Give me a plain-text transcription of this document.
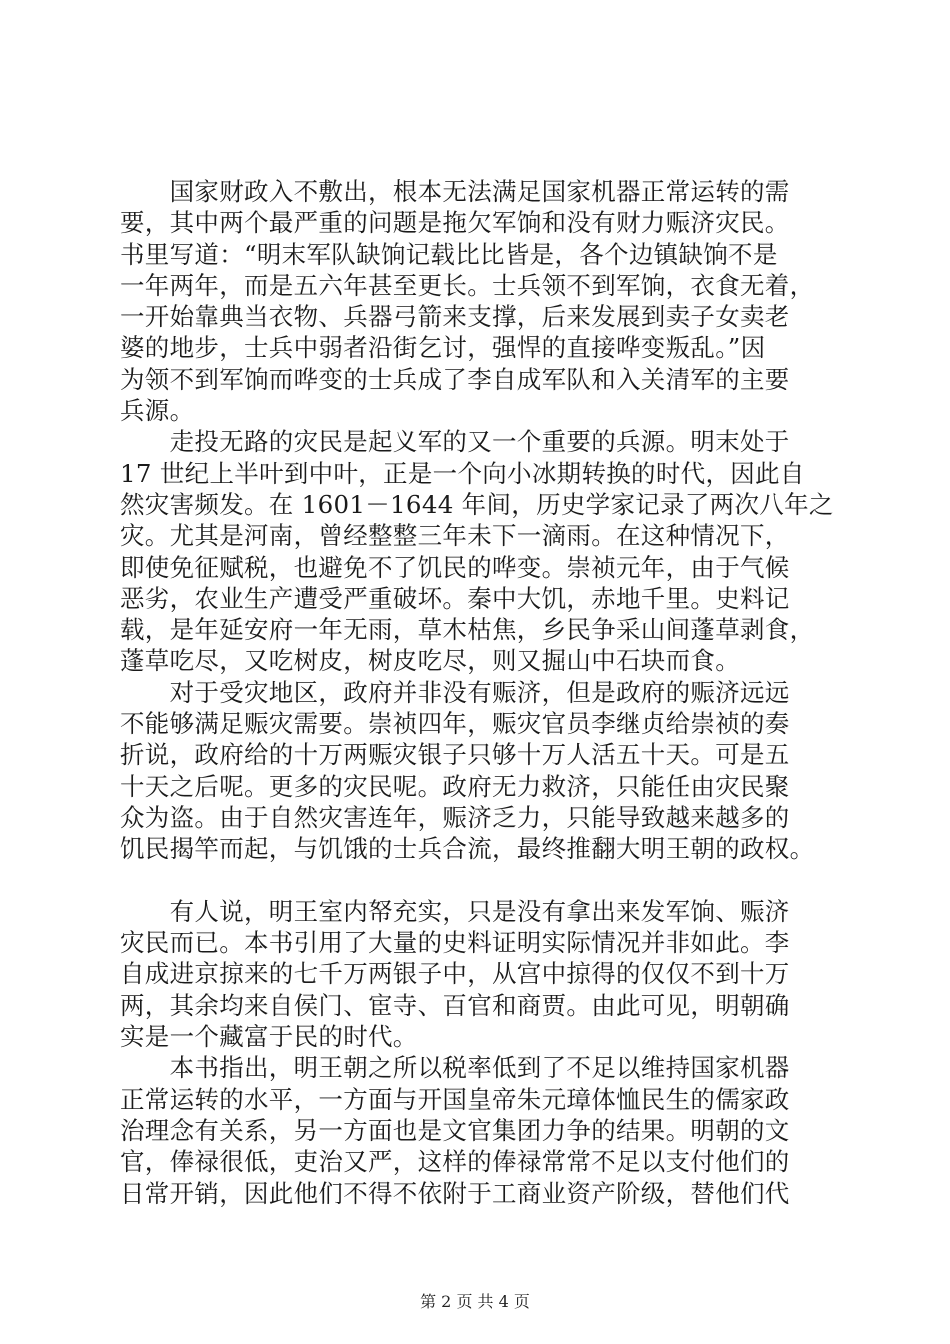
　　国家财政入不敷出，根本无法满足国家机器正常运转的需
要，其中两个最严重的问题是拖欠军饷和没有财力赈济灾民。
书里写道：“明末军队缺饷记载比比皆是，各个边镇缺饷不是
一年两年，而是五六年甚至更长。士兵领不到军饷，衣食无着，
一开始靠典当衣物、兵器弓箭来支撑，后来发展到卖子女卖老
婆的地步，士兵中弱者沿街乞讨，强悍的直接哗变叛乱。”因
为领不到军饷而哗变的士兵成了李自成军队和入关清军的主要
兵源。
　　走投无路的灾民是起义军的又一个重要的兵源。明末处于
17 世纪上半叶到中叶，正是一个向小冰期转换的时代，因此自
然灾害频发。在 1601－1644 年间，历史学家记录了两次八年之
灾。尤其是河南，曾经整整三年未下一滴雨。在这种情况下，
即使免征赋税，也避免不了饥民的哗变。崇祯元年，由于气候
恶劣，农业生产遭受严重破坏。秦中大饥，赤地千里。史料记
载，是年延安府一年无雨，草木枯焦，乡民争采山间蓬草剥食，
蓬草吃尽，又吃树皮，树皮吃尽，则又掘山中石块而食。
　　对于受灾地区，政府并非没有赈济，但是政府的赈济远远
不能够满足赈灾需要。崇祯四年，赈灾官员李继贞给崇祯的奏
折说，政府给的十万两赈灾银子只够十万人活五十天。可是五
十天之后呢。更多的灾民呢。政府无力救济，只能任由灾民聚
众为盗。由于自然灾害连年，赈济乏力，只能导致越来越多的
饥民揭竿而起，与饥饿的士兵合流，最终推翻大明王朝的政权。
　　有人说，明王室内帑充实，只是没有拿出来发军饷、赈济
灾民而已。本书引用了大量的史料证明实际情况并非如此。李
自成进京掠来的七千万两银子中，从宫中掠得的仅仅不到十万
两，其余均来自侯门、宦寺、百官和商贾。由此可见，明朝确
实是一个藏富于民的时代。
　　本书指出，明王朝之所以税率低到了不足以维持国家机器
正常运转的水平，一方面与开国皇帝朱元璋体恤民生的儒家政
治理念有关系，另一方面也是文官集团力争的结果。明朝的文
官，俸禄很低，吏治又严，这样的俸禄常常不足以支付他们的
日常开销，因此他们不得不依附于工商业资产阶级，替他们代
第 2 页 共 4 页
